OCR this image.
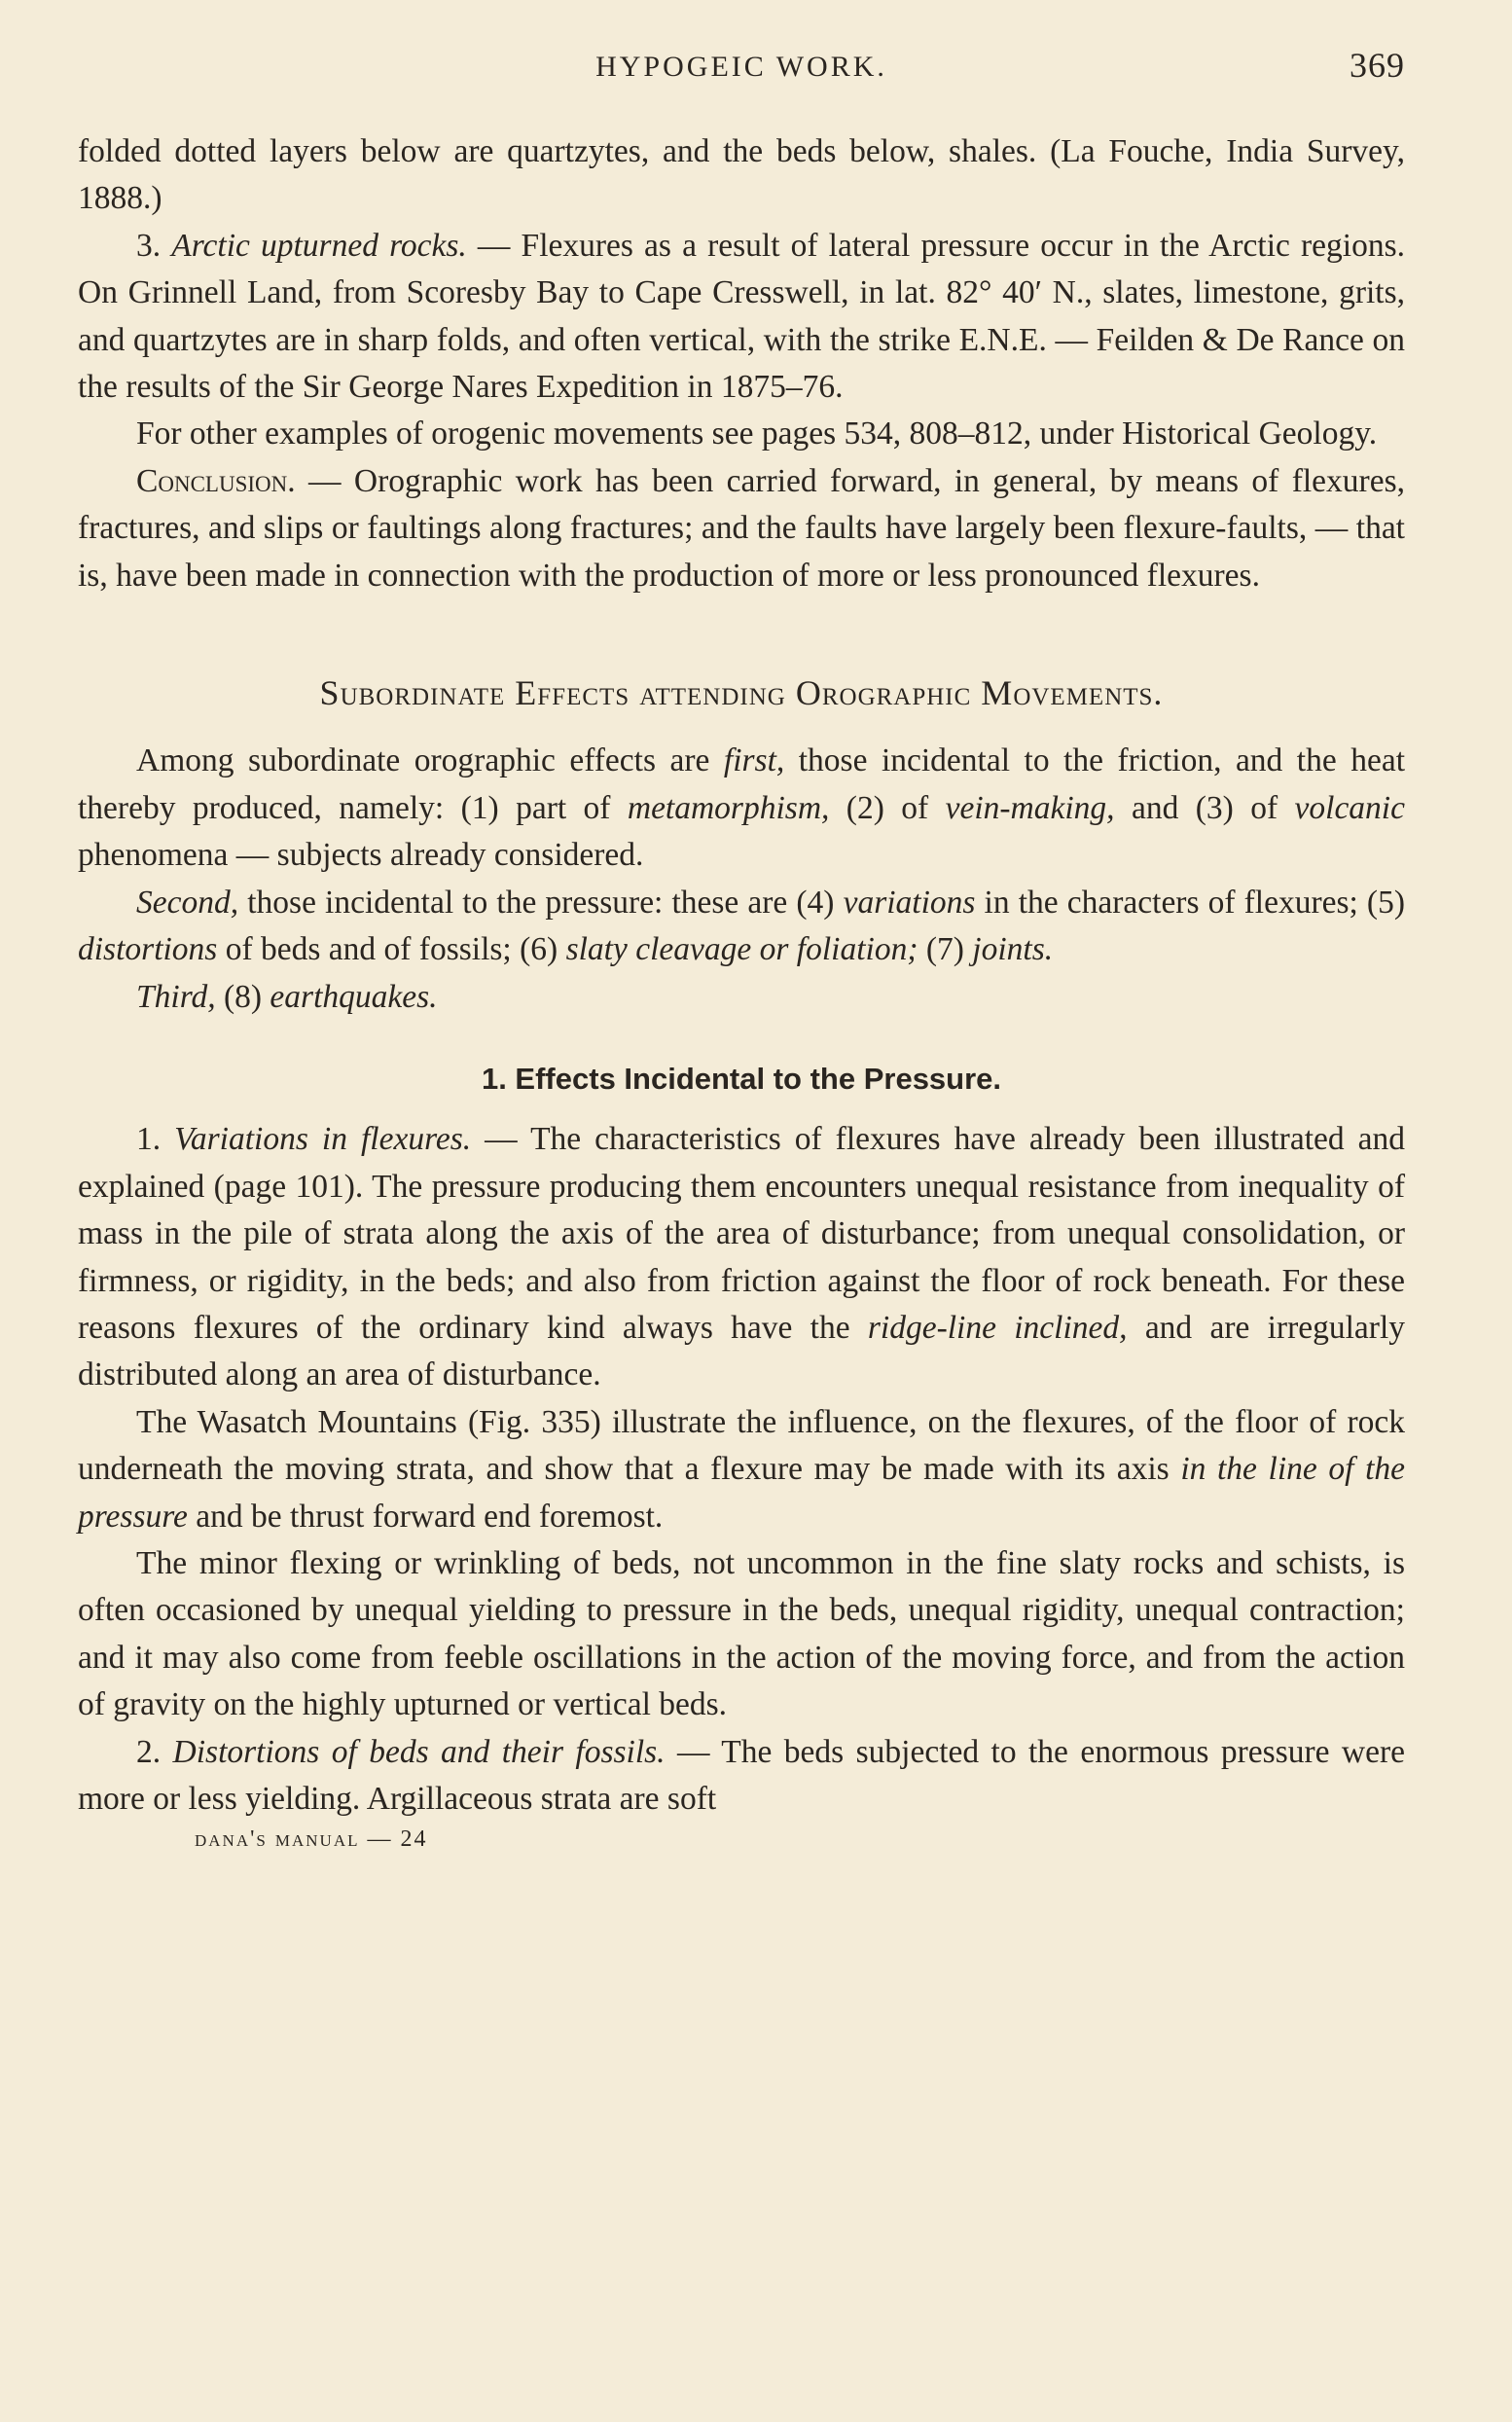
HYPOGEIC WORK.	369

folded dotted layers below are quartzytes, and the beds below, shales. (La Fouche, India Survey, 1888.)

3. Arctic upturned rocks. — Flexures as a result of lateral pressure occur in the Arctic regions. On Grinnell Land, from Scoresby Bay to Cape Cresswell, in lat. 82° 40′ N., slates, limestone, grits, and quartzytes are in sharp folds, and often vertical, with the strike E.N.E. — Feilden & De Rance on the results of the Sir George Nares Expedition in 1875–76.

For other examples of orogenic movements see pages 534, 808–812, under Historical Geology.

Conclusion. — Orographic work has been carried forward, in general, by means of flexures, fractures, and slips or faultings along fractures; and the faults have largely been flexure-faults, — that is, have been made in connection with the production of more or less pronounced flexures.

Subordinate Effects attending Orographic Movements.

Among subordinate orographic effects are first, those incidental to the friction, and the heat thereby produced, namely: (1) part of metamorphism, (2) of vein-making, and (3) of volcanic phenomena — subjects already considered.

Second, those incidental to the pressure: these are (4) variations in the characters of flexures; (5) distortions of beds and of fossils; (6) slaty cleavage or foliation; (7) joints.

Third, (8) earthquakes.

1. Effects Incidental to the Pressure.

1. Variations in flexures. — The characteristics of flexures have already been illustrated and explained (page 101). The pressure producing them encounters unequal resistance from inequality of mass in the pile of strata along the axis of the area of disturbance; from unequal consolidation, or firmness, or rigidity, in the beds; and also from friction against the floor of rock beneath. For these reasons flexures of the ordinary kind always have the ridge-line inclined, and are irregularly distributed along an area of disturbance.

The Wasatch Mountains (Fig. 335) illustrate the influence, on the flexures, of the floor of rock underneath the moving strata, and show that a flexure may be made with its axis in the line of the pressure and be thrust forward end foremost.

The minor flexing or wrinkling of beds, not uncommon in the fine slaty rocks and schists, is often occasioned by unequal yielding to pressure in the beds, unequal rigidity, unequal contraction; and it may also come from feeble oscillations in the action of the moving force, and from the action of gravity on the highly upturned or vertical beds.

2. Distortions of beds and their fossils. — The beds subjected to the enormous pressure were more or less yielding. Argillaceous strata are soft

dana's manual — 24
